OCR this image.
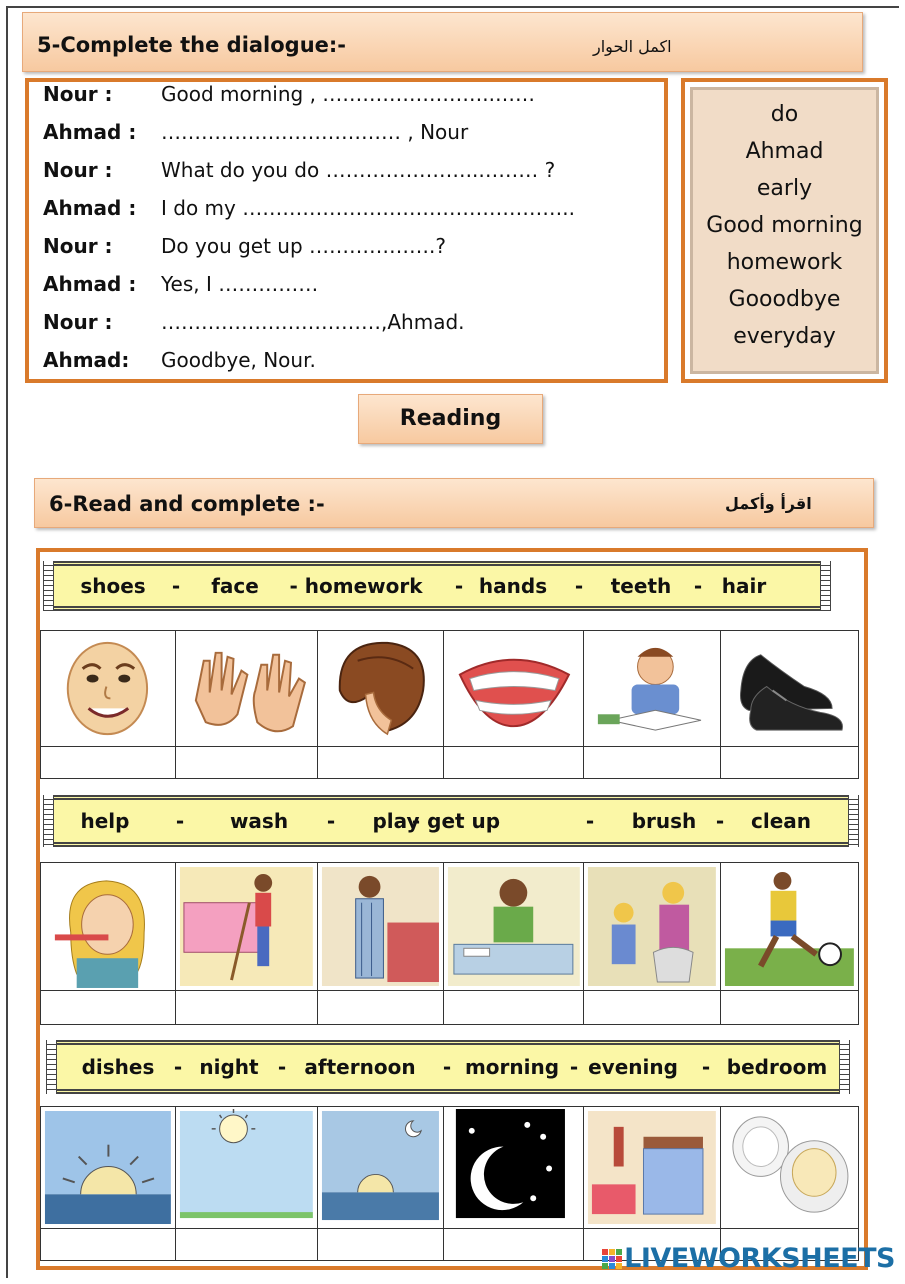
5-Complete the dialogue:-	اكمل الحوار
Nour : Good morning , ……………………..……
Ahmad : ……………………………… , Nour
Nour : What do you do …………………..……… ?
Ahmad : I do my …………………………………………..
Nour : Do you get up ……………….?
Ahmad : Yes, I ……………
Nour : ……………………………,Ahmad.
Ahmad: Goodbye, Nour.
do
Ahmad
early
Good morning
homework
Gooodbye
everyday
Reading
6-Read and complete :-	اقرأ وأكمل
shoes - face - homework - hands - teeth - hair

help - wash - play
- get up	- brush - clean

dishes - night - afternoon - morning - evening - bedroom

LIVEWORKSHEETS
